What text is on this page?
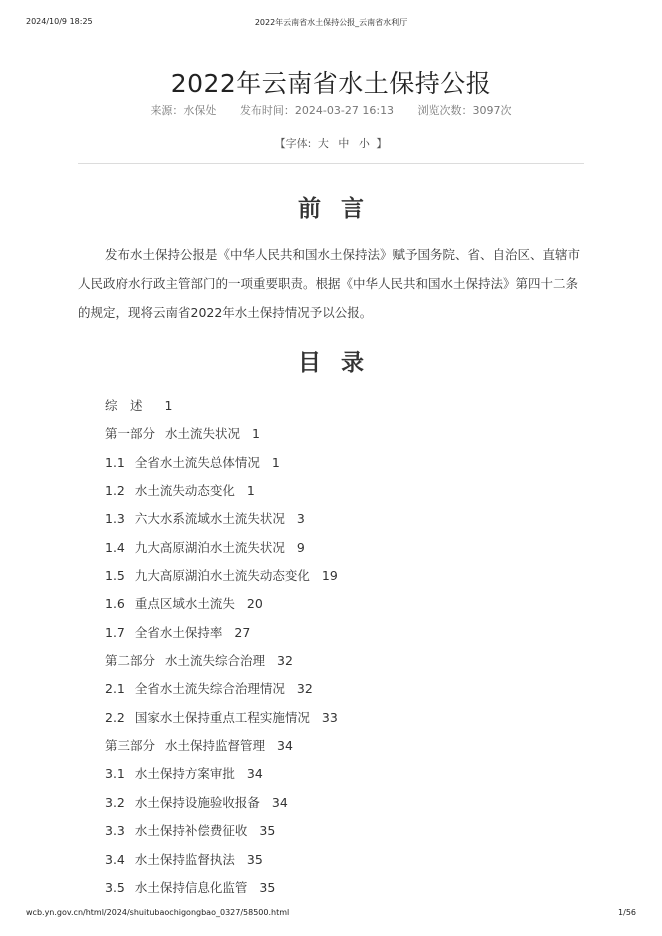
2024/10/9 18:25	2022年云南省水土保持公报_云南省水利厅
2022年云南省水土保持公报
来源：水保处 发布时间：2024-03-27 16:13 浏览次数：3097次
【字体: 大 中 小 】
前言

发布水土保持公报是《中华人民共和国水土保持法》赋予国务院、省、自治区、直辖市人民政府水行政主管部门的一项重要职责。根据《中华人民共和国水土保持法》第四十二条的规定，现将云南省2022年水土保持情况予以公报。

目录
综　述 1
第一部分 水土流失状况 1
1.1 全省水土流失总体情况 1
1.2 水土流失动态变化 1
1.3 六大水系流域水土流失状况 3
1.4 九大高原湖泊水土流失状况 9
1.5 九大高原湖泊水土流失动态变化 19
1.6 重点区域水土流失 20
1.7 全省水土保持率 27
第二部分 水土流失综合治理 32
2.1 全省水土流失综合治理情况 32
2.2 国家水土保持重点工程实施情况 33
第三部分 水土保持监督管理 34
3.1 水土保持方案审批 34
3.2 水土保持设施验收报备 34
3.3 水土保持补偿费征收 35
3.4 水土保持监督执法 35
3.5 水土保持信息化监管 35
wcb.yn.gov.cn/html/2024/shuitubaochigongbao_0327/58500.html	1/56
